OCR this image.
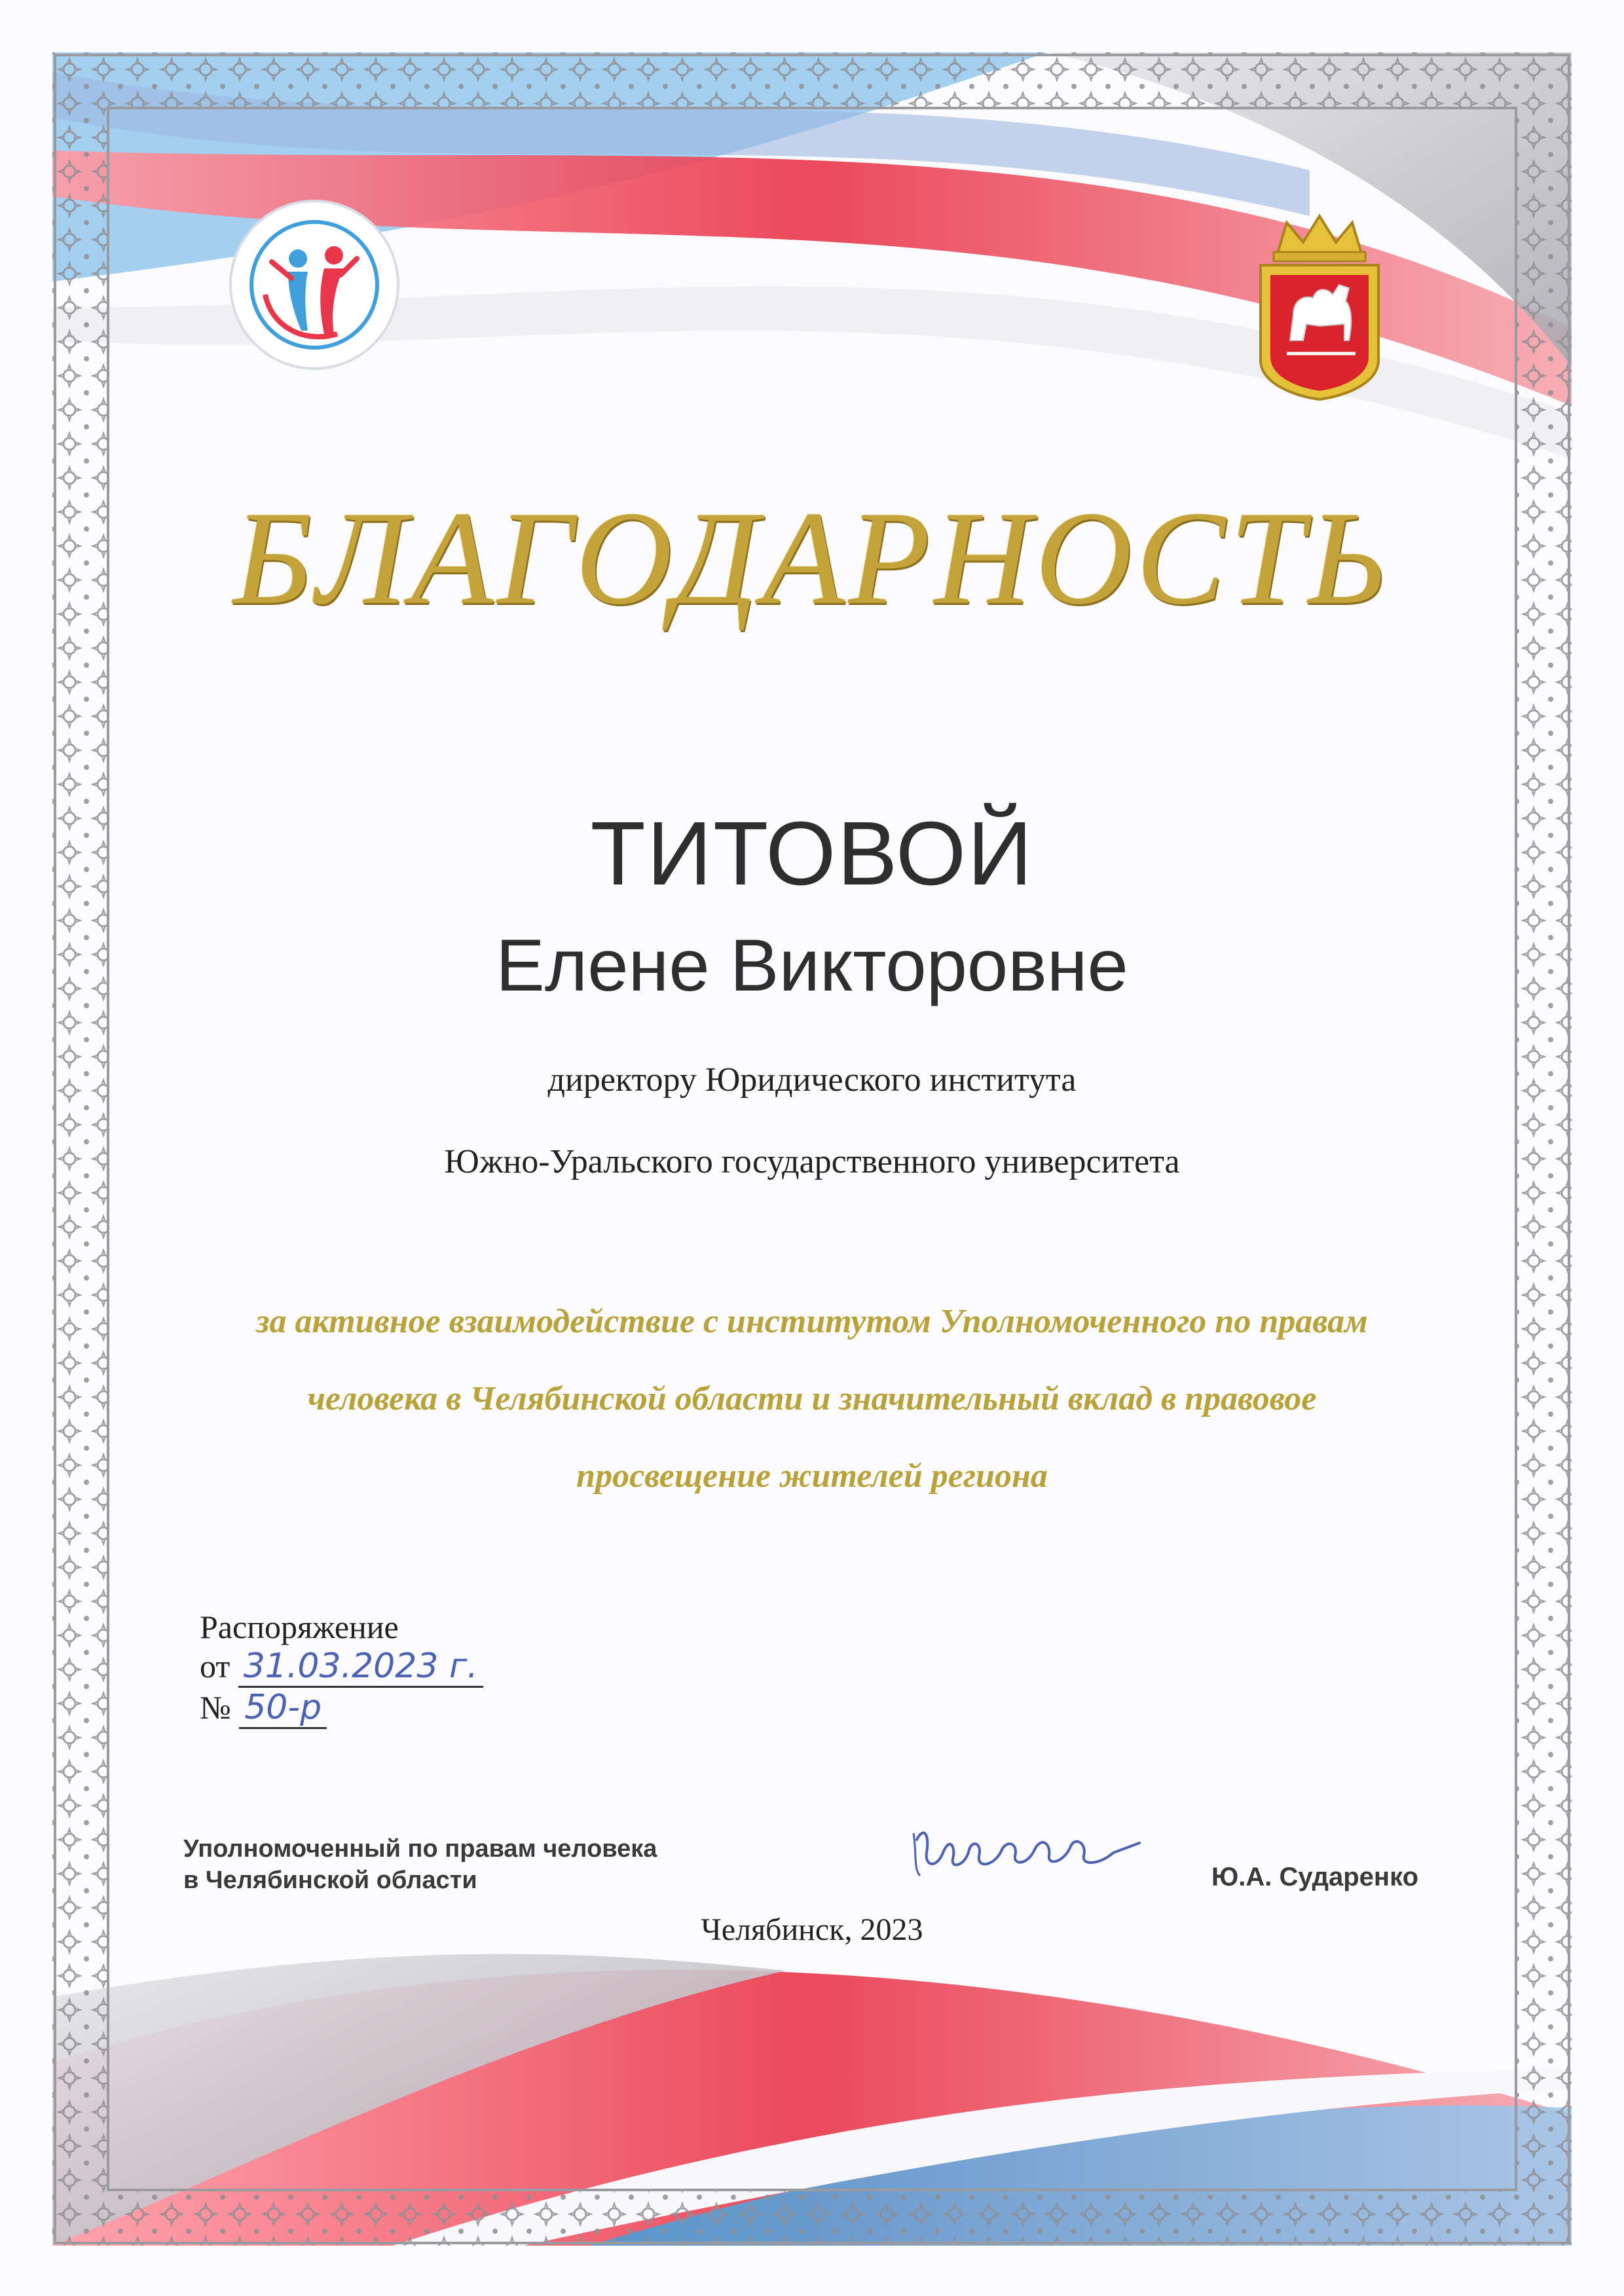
БЛАГОДАРНОСТЬ
ТИТОВОЙ
Елене Викторовне
директору Юридического института
Южно-Уральского государственного университета
за активное взаимодействие с институтом Уполномоченного по правам
человека в Челябинской области и значительный вклад в правовое
просвещение жителей региона
Распоряжение
от 31.03.2023 г.
№ 50-р
Уполномоченный по правам человека
в Челябинской области	Ю.А. Сударенко
Челябинск, 2023
